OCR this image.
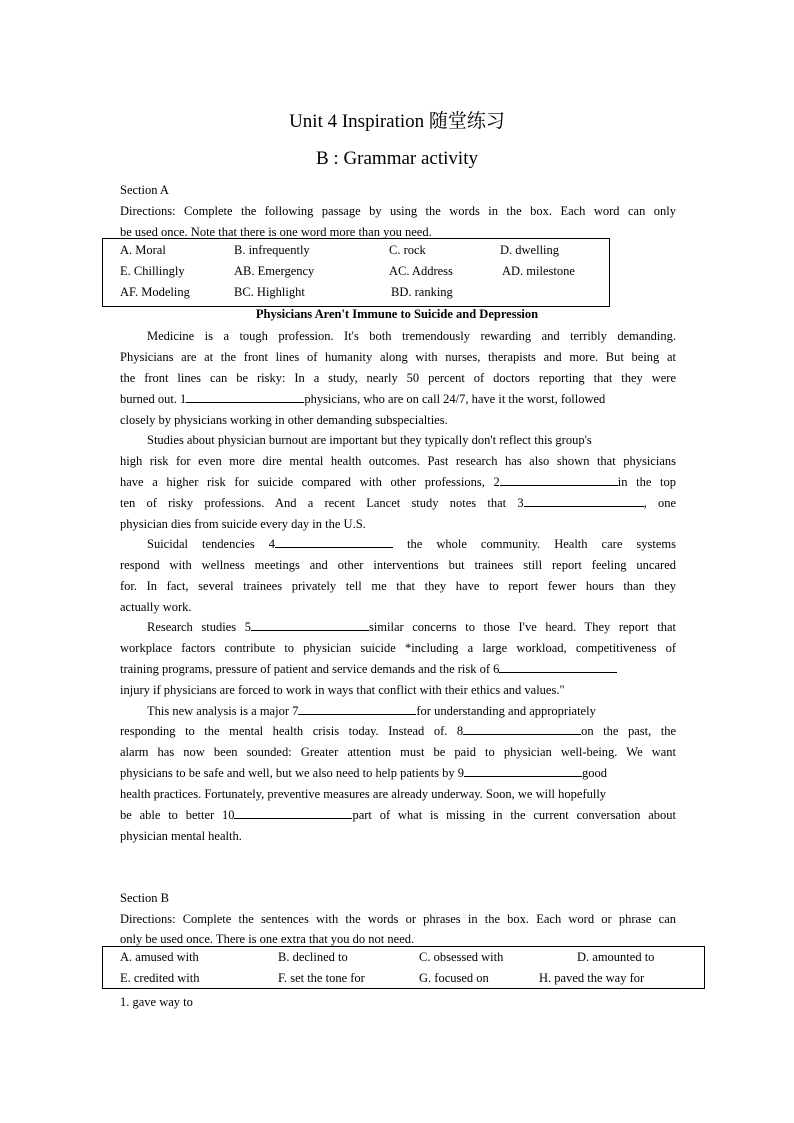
Unit 4 Inspiration 随堂练习
B : Grammar activity
Section A
Directions: Complete the following passage by using the words in the box. Each word can only
be used once. Note that there is one word more than you need.
A. Moral	B. infrequently	C. rock	D. dwelling
E. Chillingly	AB. Emergency	AC. Address	AD. milestone
AF. Modeling	BC. Highlight	BD. ranking
Physicians Aren't Immune to Suicide and Depression
Medicine is a tough profession. It's both tremendously rewarding and terribly demanding.
Physicians are at the front lines of humanity along with nurses, therapists and more. But being at
the front lines can be risky: In a study, nearly 50 percent of doctors reporting that they were
burned out. 1	physicians, who are on call 24/7, have it the worst, followed
closely by physicians working in other demanding subspecialties.
Studies about physician burnout are important but they typically don't reflect this group's
high risk for even more dire mental health outcomes. Past research has also shown that physicians
have a higher risk for suicide compared with other professions, 2	in the top
ten of risky professions. And a recent Lancet study notes that 3	, one
physician dies from suicide every day in the U.S.
Suicidal tendencies 4	the whole community. Health care systems
respond with wellness meetings and other interventions but trainees still report feeling uncared
for. In fact, several trainees privately tell me that they have to report fewer hours than they
actually work.
Research studies 5	similar concerns to those I've heard. They report that
workplace factors contribute to physician suicide *including a large workload, competitiveness of
training programs, pressure of patient and service demands and the risk of 6
injury if physicians are forced to work in ways that conflict with their ethics and values."
This new analysis is a major 7	for understanding and appropriately
responding to the mental health crisis today. Instead of. 8	on the past, the
alarm has now been sounded: Greater attention must be paid to physician well-being. We want
physicians to be safe and well, but we also need to help patients by 9	good
health practices. Fortunately, preventive measures are already underway. Soon, we will hopefully
be able to better 10	part of what is missing in the current conversation about
physician mental health.
Section B
Directions: Complete the sentences with the words or phrases in the box. Each word or phrase can
only be used once. There is one extra that you do not need.
A. amused with	B. declined to	C. obsessed with	D. amounted to
E. credited with	F. set the tone for	G. focused on	H. paved the way for
1. gave way to
